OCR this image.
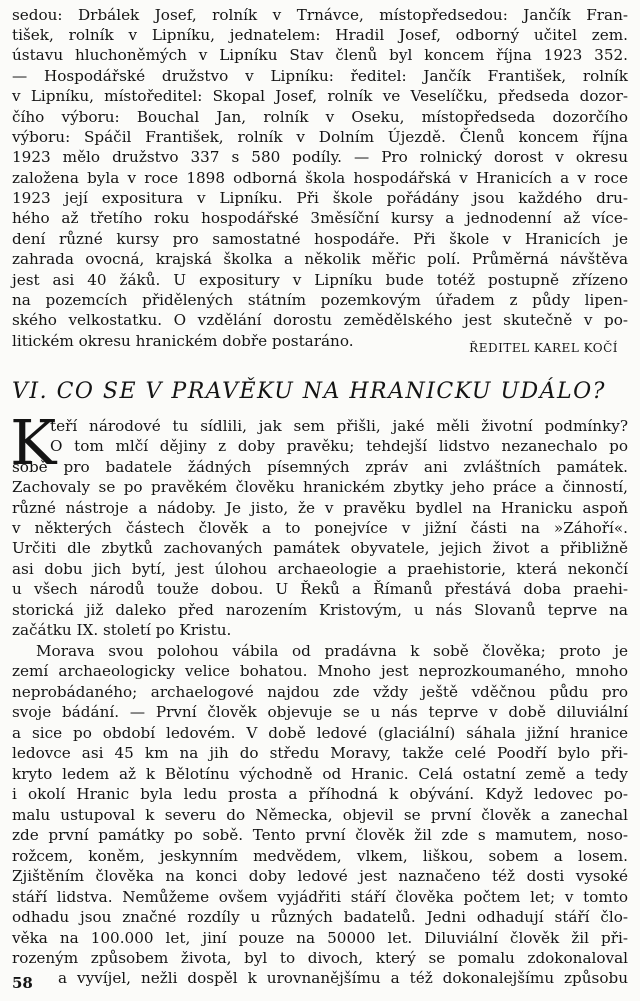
sedou: Drbálek Josef, rolník v Trnávce, místopředsedou: Jančík Fran-
tišek, rolník v Lipníku, jednatelem: Hradil Josef, odborný učitel zem.
ústavu hluchoněmých v Lipníku Stav členů byl koncem října 1923 352.
— Hospodářské družstvo v Lipníku: ředitel: Jančík František, rolník
v Lipníku, místoředitel: Skopal Josef, rolník ve Veselíčku, předseda dozor-
čího výboru: Bouchal Jan, rolník v Oseku, místopředseda dozorčího
výboru: Spáčil František, rolník v Dolním Újezdě. Členů koncem října
1923 mělo družstvo 337 s 580 podíly. — Pro rolnický dorost v okresu
založena byla v roce 1898 odborná škola hospodářská v Hranicích a v roce
1923 její expositura v Lipníku. Při škole pořádány jsou každého dru-
hého až třetího roku hospodářské 3měsíční kursy a jednodenní až více-
dení různé kursy pro samostatné hospodáře. Při škole v Hranicích je
zahrada ovocná, krajská školka a několik měřic polí. Průměrná návštěva
jest asi 40 žáků. U expositury v Lipníku bude totéž postupně zřízeno
na pozemcích přidělených státním pozemkovým úřadem z půdy lipen-
ského velkostatku. O vzdělání dorostu zemědělského jest skutečně v po-
litickém okresu hranickém dobře postaráno.	ŘEDITEL KAREL KOČÍ
VI. CO SE V PRAVĚKU NA HRANICKU UDÁLO?
K
teří národové tu sídlili, jak sem přišli, jaké měli životní podmínky?
O tom mlčí dějiny z doby pravěku; tehdejší lidstvo nezanechalo po
sobě pro badatele žádných písemných zpráv ani zvláštních památek.
Zachovaly se po pravěkém člověku hranickém zbytky jeho práce a činností,
různé nástroje a nádoby. Je jisto, že v pravěku bydlel na Hranicku aspoň
v některých částech člověk a to ponejvíce v jižní části na »Záhoří«.
Určiti dle zbytků zachovaných památek obyvatele, jejich život a přibližně
asi dobu jich bytí, jest úlohou archaeologie a praehistorie, která nekončí
u všech národů touže dobou. U Řeků a Římanů přestává doba praehi-
storická již daleko před narozením Kristovým, u nás Slovanů teprve na
začátku IX. století po Kristu.
Morava svou polohou vábila od pradávna k sobě člověka; proto je
zemí archaeologicky velice bohatou. Mnoho jest neprozkoumaného, mnoho
neprobádaného; archaelogové najdou zde vždy ještě vděčnou půdu pro
svoje bádání. — První člověk objevuje se u nás teprve v době diluviální
a sice po období ledovém. V době ledové (glaciální) sáhala jižní hranice
ledovce asi 45 km na jih do středu Moravy, takže celé Poodří bylo při-
kryto ledem až k Bělotínu východně od Hranic. Celá ostatní země a tedy
i okolí Hranic byla ledu prosta a příhodná k obývání. Když ledovec po-
malu ustupoval k severu do Německa, objevil se první člověk a zanechal
zde první památky po sobě. Tento první člověk žil zde s mamutem, noso-
rožcem, koněm, jeskynním medvědem, vlkem, liškou, sobem a losem.
Zjištěním člověka na konci doby ledové jest naznačeno též dosti vysoké
stáří lidstva. Nemůžeme ovšem vyjádřiti stáří člověka počtem let; v tomto
odhadu jsou značné rozdíly u různých badatelů. Jedni odhadují stáří člo-
věka na 100.000 let, jiní pouze na 50000 let. Diluviální člověk žil při-
rozeným způsobem života, byl to divoch, který se pomalu zdokonaloval
a vyvíjel, nežli dospěl k urovnanějšímu a též dokonalejšímu způsobu
58
